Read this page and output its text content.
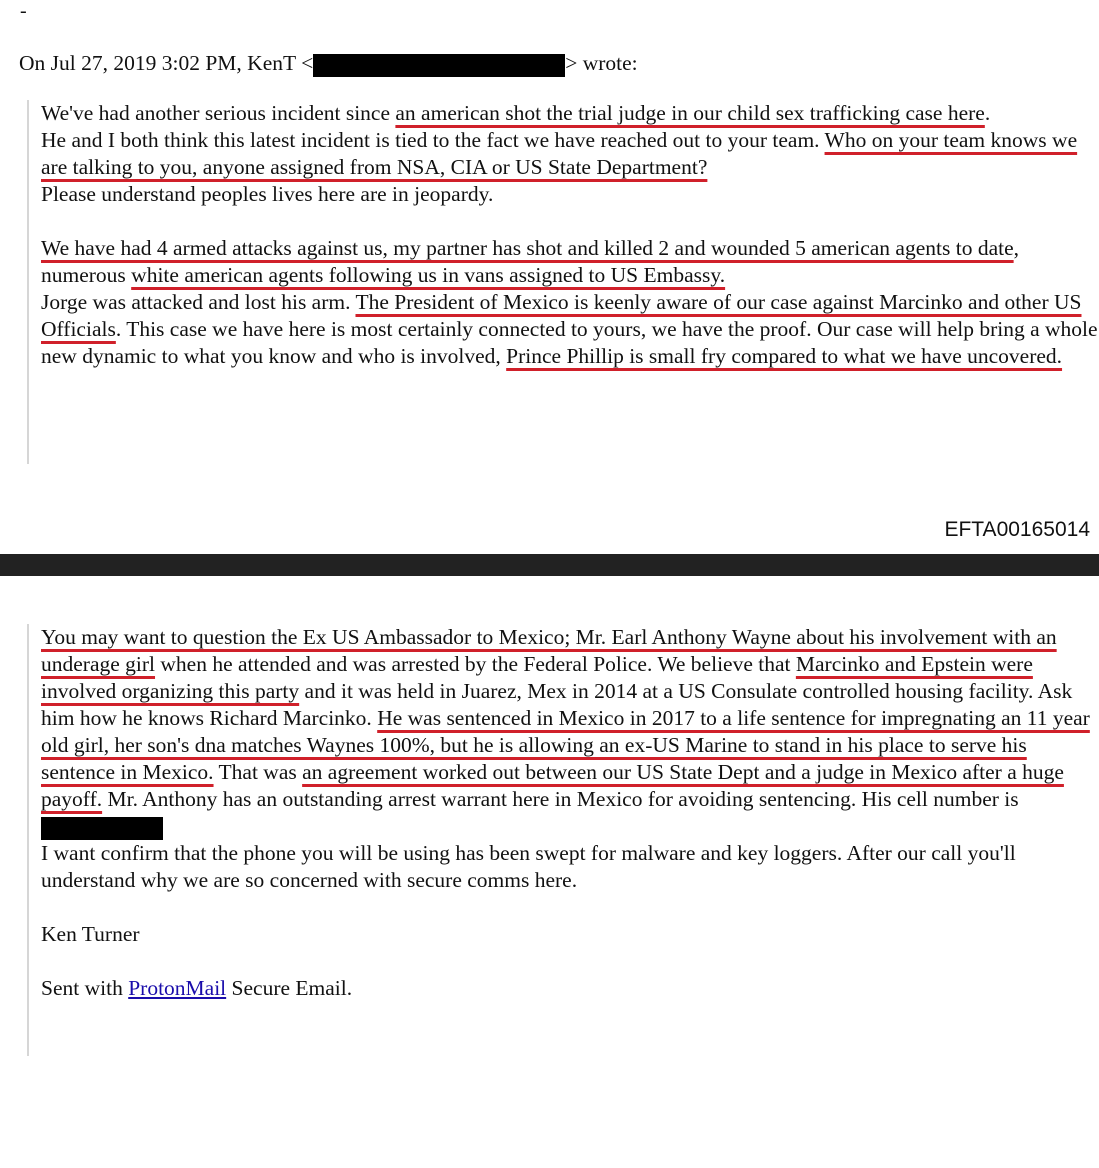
-
On Jul 27, 2019 3:02 PM, KenT <	> wrote:

We've had another serious incident since an american shot the trial judge in our child sex trafficking case here.
He and I both think this latest incident is tied to the fact we have reached out to your team. Who on your team knows we are talking to you, anyone assigned from NSA, CIA or US State Department?
Please understand peoples lives here are in jeopardy.

We have had 4 armed attacks against us, my partner has shot and killed 2 and wounded 5 american agents to date, numerous white american agents following us in vans assigned to US Embassy.
Jorge was attacked and lost his arm. The President of Mexico is keenly aware of our case against Marcinko and other US Officials. This case we have here is most certainly connected to yours, we have the proof. Our case will help bring a whole new dynamic to what you know and who is involved, Prince Phillip is small fry compared to what we have uncovered.

EFTA00165014

You may want to question the Ex US Ambassador to Mexico; Mr. Earl Anthony Wayne about his involvement with an underage girl when he attended and was arrested by the Federal Police. We believe that Marcinko and Epstein were involved organizing this party and it was held in Juarez, Mex in 2014 at a US Consulate controlled housing facility. Ask him how he knows Richard Marcinko. He was sentenced in Mexico in 2017 to a life sentence for impregnating an 11 year old girl, her son's dna matches Waynes 100%, but he is allowing an ex-US Marine to stand in his place to serve his sentence in Mexico. That was an agreement worked out between our US State Dept and a judge in Mexico after a huge payoff. Mr. Anthony has an outstanding arrest warrant here in Mexico for avoiding sentencing. His cell number is
I want confirm that the phone you will be using has been swept for malware and key loggers. After our call you'll understand why we are so concerned with secure comms here.

Ken Turner

Sent with ProtonMail Secure Email.
